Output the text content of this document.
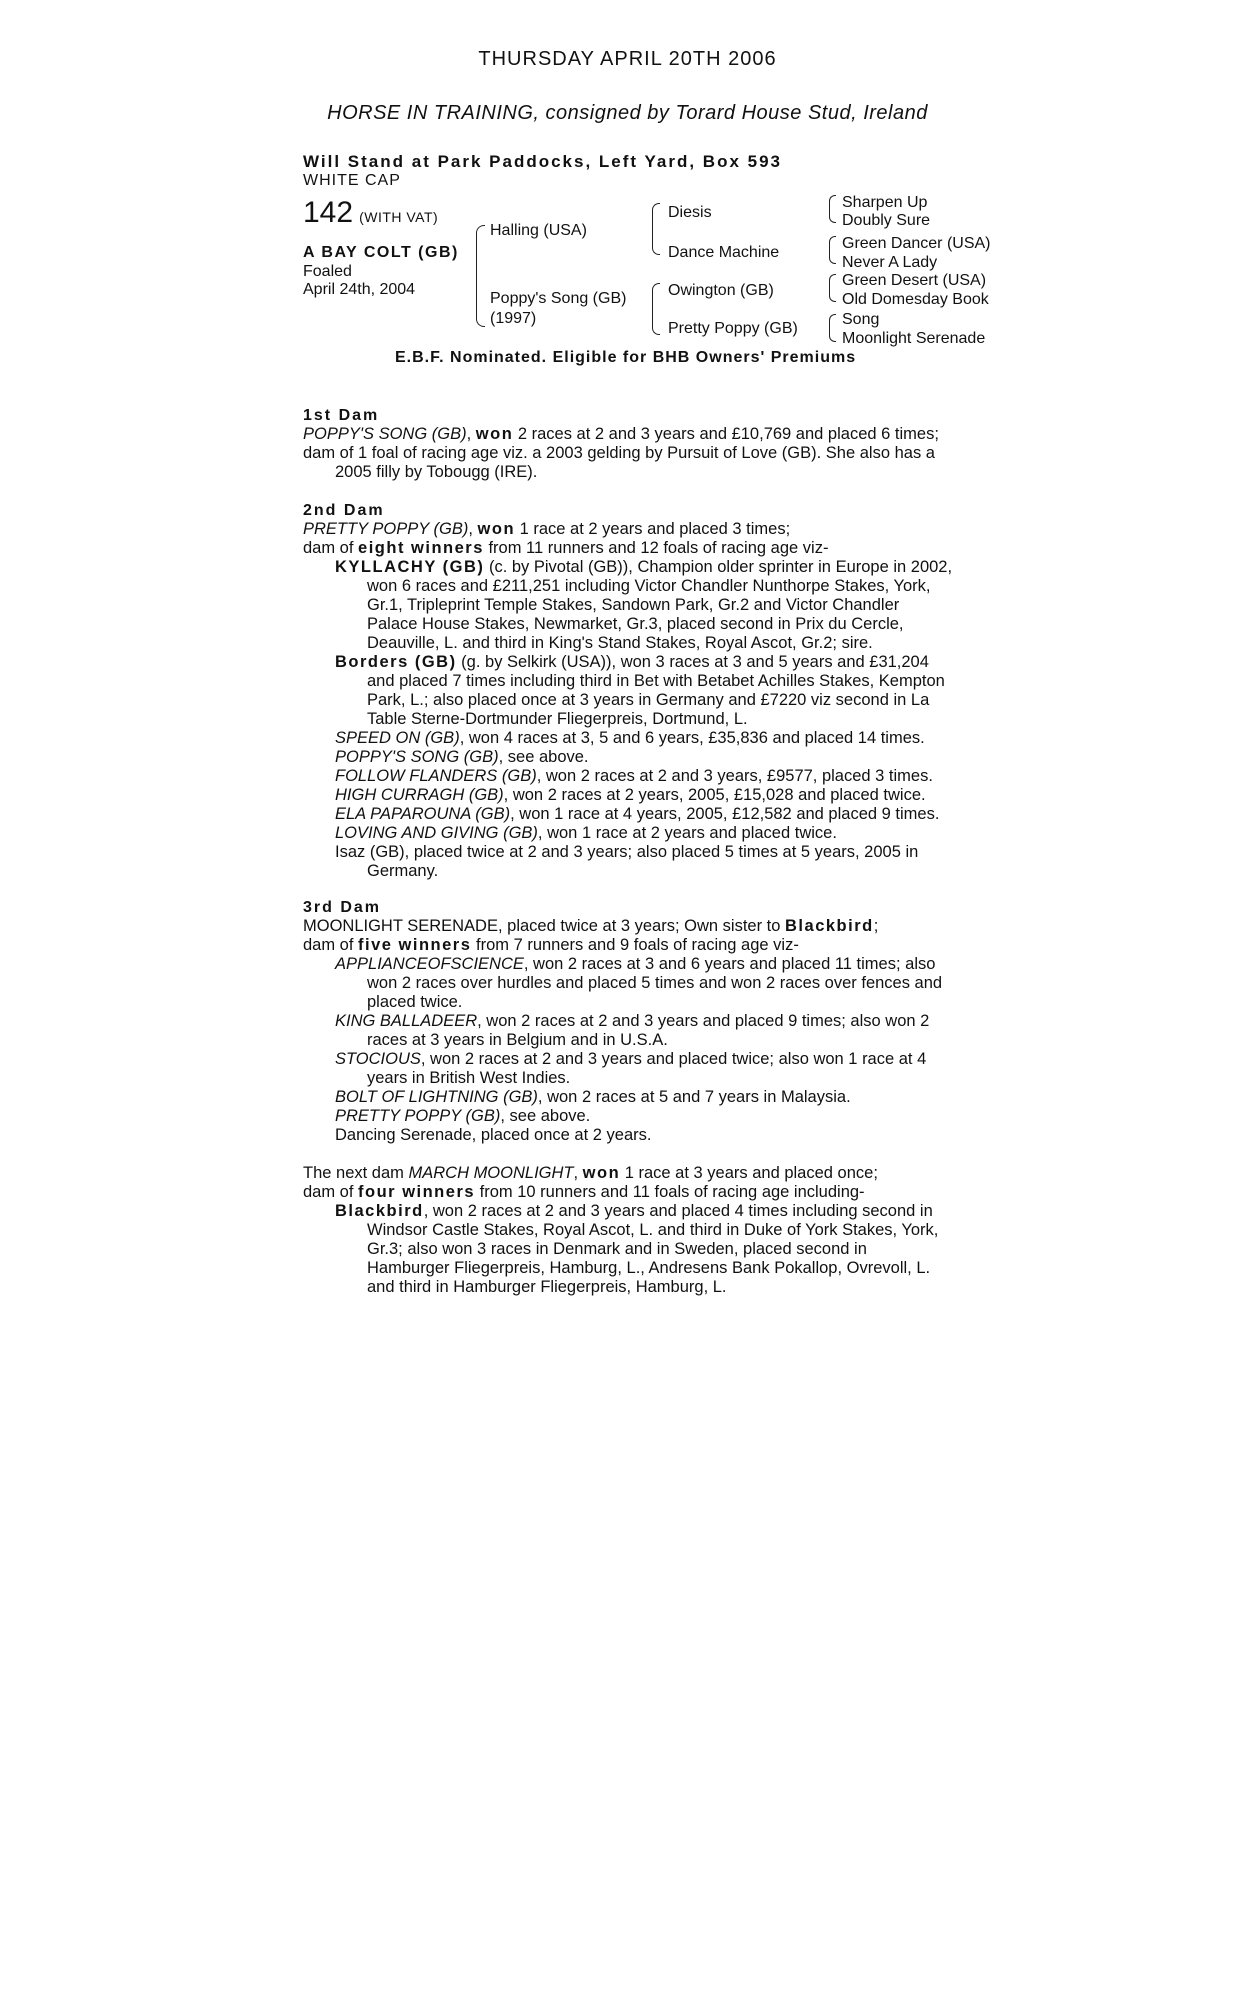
THURSDAY APRIL 20TH 2006
HORSE IN TRAINING, consigned by Torard House Stud, Ireland
Will Stand at Park Paddocks, Left Yard, Box 593
WHITE CAP
142 (WITH VAT)
A BAY COLT (GB)
Foaled
April 24th, 2004
Halling (USA)
Poppy's Song (GB)
(1997)
Diesis
Dance Machine
Owington (GB)
Pretty Poppy (GB)
Sharpen Up
Doubly Sure
Green Dancer (USA)
Never A Lady
Green Desert (USA)
Old Domesday Book
Song
Moonlight Serenade
E.B.F. Nominated. Eligible for BHB Owners' Premiums
1st Dam
POPPY'S SONG (GB), won 2 races at 2 and 3 years and £10,769 and placed 6 times;
dam of 1 foal of racing age viz. a 2003 gelding by Pursuit of Love (GB). She also has a
2005 filly by Tobougg (IRE).
2nd Dam
PRETTY POPPY (GB), won 1 race at 2 years and placed 3 times;
dam of eight winners from 11 runners and 12 foals of racing age viz-
KYLLACHY (GB) (c. by Pivotal (GB)), Champion older sprinter in Europe in 2002,
won 6 races and £211,251 including Victor Chandler Nunthorpe Stakes, York,
Gr.1, Tripleprint Temple Stakes, Sandown Park, Gr.2 and Victor Chandler
Palace House Stakes, Newmarket, Gr.3, placed second in Prix du Cercle,
Deauville, L. and third in King's Stand Stakes, Royal Ascot, Gr.2; sire.
Borders (GB) (g. by Selkirk (USA)), won 3 races at 3 and 5 years and £31,204
and placed 7 times including third in Bet with Betabet Achilles Stakes, Kempton
Park, L.; also placed once at 3 years in Germany and £7220 viz second in La
Table Sterne-Dortmunder Fliegerpreis, Dortmund, L.
SPEED ON (GB), won 4 races at 3, 5 and 6 years, £35,836 and placed 14 times.
POPPY'S SONG (GB), see above.
FOLLOW FLANDERS (GB), won 2 races at 2 and 3 years, £9577, placed 3 times.
HIGH CURRAGH (GB), won 2 races at 2 years, 2005, £15,028 and placed twice.
ELA PAPAROUNA (GB), won 1 race at 4 years, 2005, £12,582 and placed 9 times.
LOVING AND GIVING (GB), won 1 race at 2 years and placed twice.
Isaz (GB), placed twice at 2 and 3 years; also placed 5 times at 5 years, 2005 in
Germany.
3rd Dam
MOONLIGHT SERENADE, placed twice at 3 years; Own sister to Blackbird;
dam of five winners from 7 runners and 9 foals of racing age viz-
APPLIANCEOFSCIENCE, won 2 races at 3 and 6 years and placed 11 times; also
won 2 races over hurdles and placed 5 times and won 2 races over fences and
placed twice.
KING BALLADEER, won 2 races at 2 and 3 years and placed 9 times; also won 2
races at 3 years in Belgium and in U.S.A.
STOCIOUS, won 2 races at 2 and 3 years and placed twice; also won 1 race at 4
years in British West Indies.
BOLT OF LIGHTNING (GB), won 2 races at 5 and 7 years in Malaysia.
PRETTY POPPY (GB), see above.
Dancing Serenade, placed once at 2 years.
The next dam MARCH MOONLIGHT, won 1 race at 3 years and placed once;
dam of four winners from 10 runners and 11 foals of racing age including-
Blackbird, won 2 races at 2 and 3 years and placed 4 times including second in
Windsor Castle Stakes, Royal Ascot, L. and third in Duke of York Stakes, York,
Gr.3; also won 3 races in Denmark and in Sweden, placed second in
Hamburger Fliegerpreis, Hamburg, L., Andresens Bank Pokallop, Ovrevoll, L.
and third in Hamburger Fliegerpreis, Hamburg, L.
